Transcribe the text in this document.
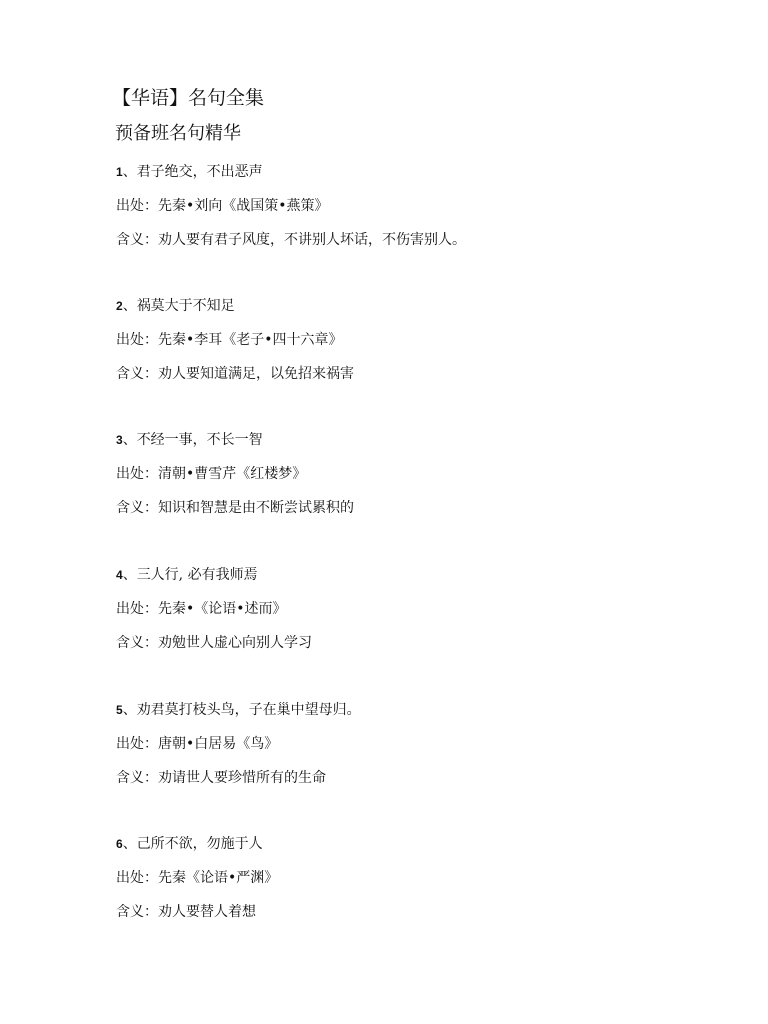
【华语】名句全集
预备班名句精华
1、君子绝交，不出恶声
出处：先秦•刘向《战国策•燕策》
含义：劝人要有君子风度，不讲别人坏话，不伤害别人。
2、祸莫大于不知足
出处：先秦•李耳《老子•四十六章》
含义：劝人要知道满足，以免招来祸害
3、不经一事，不长一智
出处：清朝•曹雪芹《红楼梦》
含义：知识和智慧是由不断尝试累积的
4、三人行, 必有我师焉
出处：先秦•《论语•述而》
含义：劝勉世人虚心向别人学习
5、劝君莫打枝头鸟，子在巢中望母归。
出处：唐朝•白居易《鸟》
含义：劝请世人要珍惜所有的生命
6、己所不欲，勿施于人
出处：先秦《论语•严渊》
含义：劝人要替人着想
